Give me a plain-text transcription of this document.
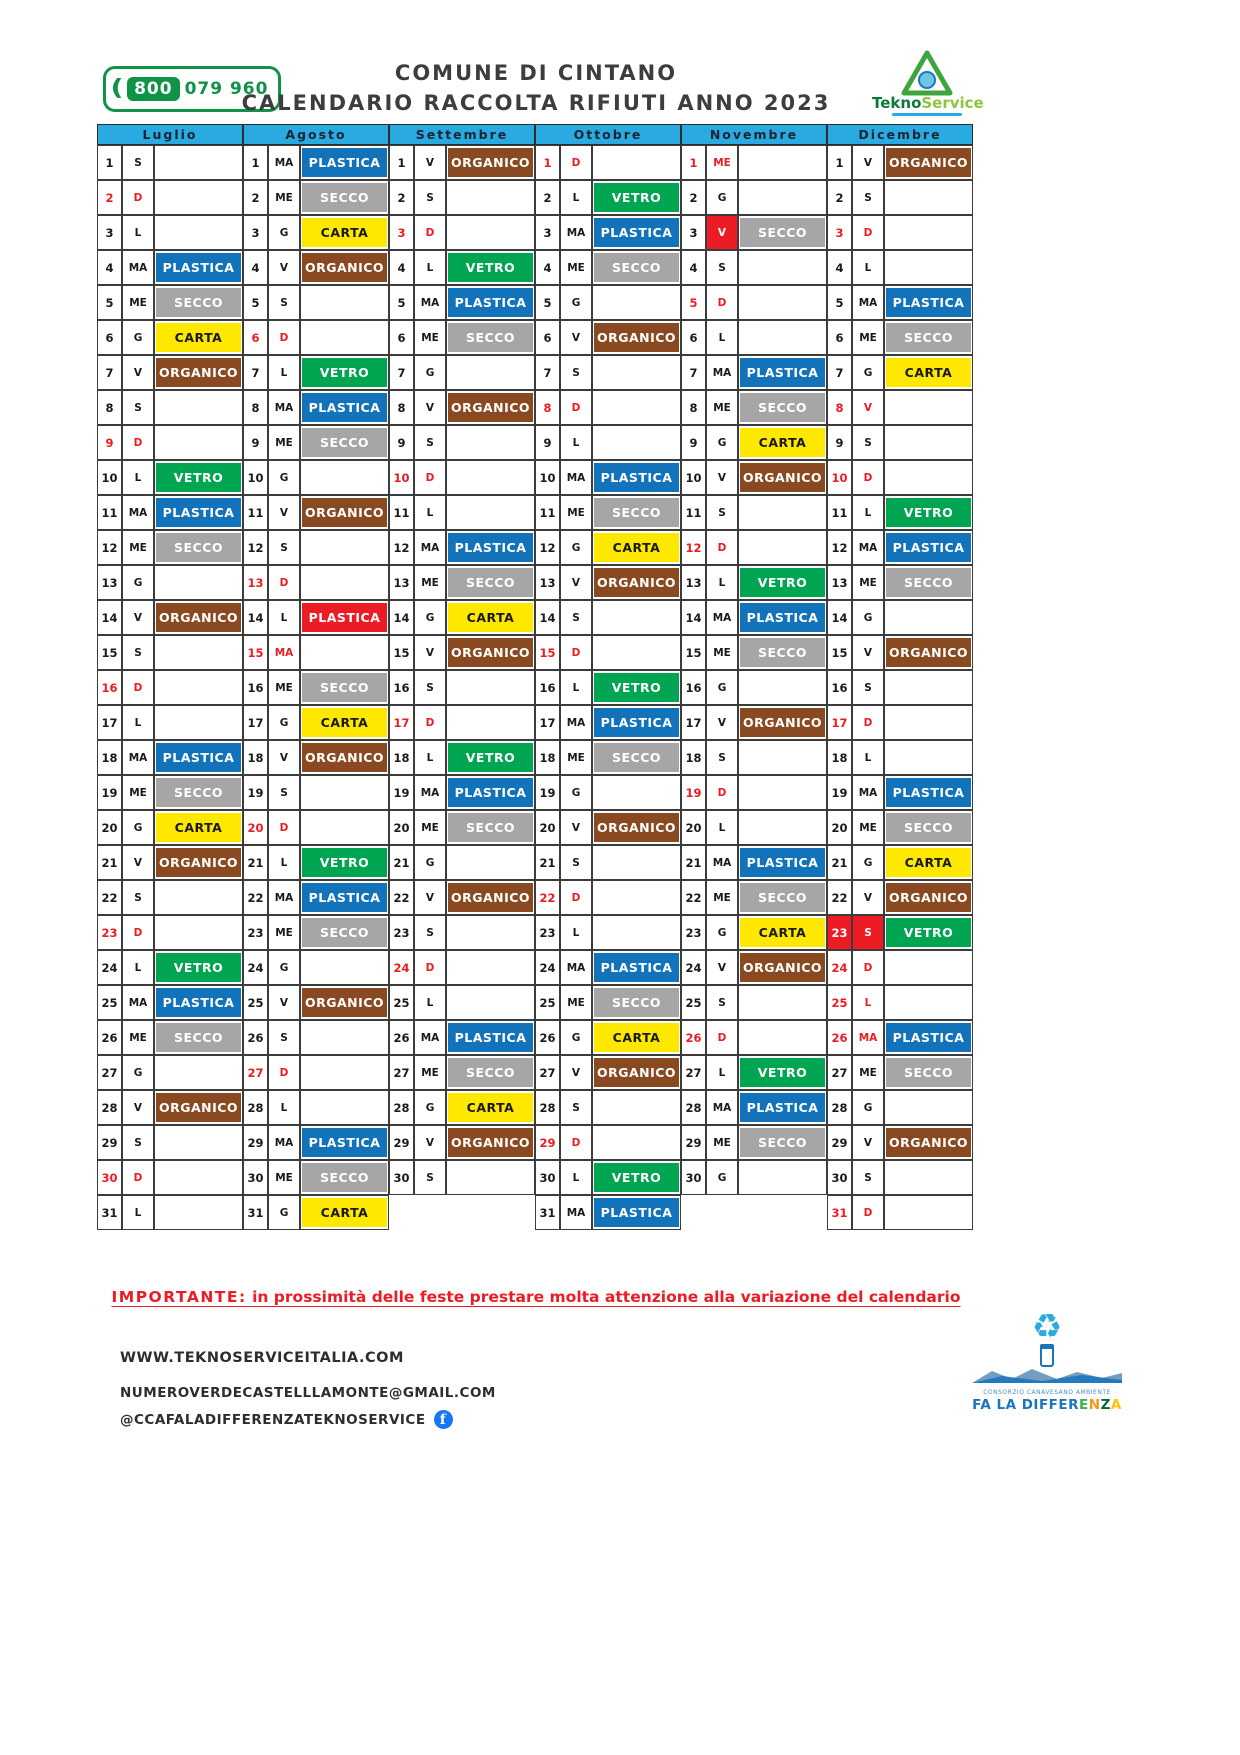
( 800 079 960
COMUNE DI CINTANO
CALENDARIO RACCOLTA RIFIUTI ANNO 2023	TeknoService
Luglio
1	S
2	D
3	L
4	MA	PLASTICA
5	ME	SECCO
6	G	CARTA
7	V	ORGANICO
8	S
9	D
10	L	VETRO
11	MA	PLASTICA
12	ME	SECCO
13	G
14	V	ORGANICO
15	S
16	D
17	L
18	MA	PLASTICA
19	ME	SECCO
20	G	CARTA
21	V	ORGANICO
22	S
23	D
24	L	VETRO
25	MA	PLASTICA
26	ME	SECCO
27	G
28	V	ORGANICO
29	S
30	D
31	L
Agosto
1	MA	PLASTICA
2	ME	SECCO
3	G	CARTA
4	V	ORGANICO
5	S
6	D
7	L	VETRO
8	MA	PLASTICA
9	ME	SECCO
10	G
11	V	ORGANICO
12	S
13	D
14	L	PLASTICA
15	MA
16	ME	SECCO
17	G	CARTA
18	V	ORGANICO
19	S
20	D
21	L	VETRO
22	MA	PLASTICA
23	ME	SECCO
24	G
25	V	ORGANICO
26	S
27	D
28	L
29	MA	PLASTICA
30	ME	SECCO
31	G	CARTA
Settembre
1	V	ORGANICO
2	S
3	D
4	L	VETRO
5	MA	PLASTICA
6	ME	SECCO
7	G
8	V	ORGANICO
9	S
10	D
11	L
12	MA	PLASTICA
13	ME	SECCO
14	G	CARTA
15	V	ORGANICO
16	S
17	D
18	L	VETRO
19	MA	PLASTICA
20	ME	SECCO
21	G
22	V	ORGANICO
23	S
24	D
25	L
26	MA	PLASTICA
27	ME	SECCO
28	G	CARTA
29	V	ORGANICO
30	S
Ottobre
1	D
2	L	VETRO
3	MA	PLASTICA
4	ME	SECCO
5	G
6	V	ORGANICO
7	S
8	D
9	L
10	MA	PLASTICA
11	ME	SECCO
12	G	CARTA
13	V	ORGANICO
14	S
15	D
16	L	VETRO
17	MA	PLASTICA
18	ME	SECCO
19	G
20	V	ORGANICO
21	S
22	D
23	L
24	MA	PLASTICA
25	ME	SECCO
26	G	CARTA
27	V	ORGANICO
28	S
29	D
30	L	VETRO
31	MA	PLASTICA
Novembre
1	ME
2	G
3	V	SECCO
4	S
5	D
6	L
7	MA	PLASTICA
8	ME	SECCO
9	G	CARTA
10	V	ORGANICO
11	S
12	D
13	L	VETRO
14	MA	PLASTICA
15	ME	SECCO
16	G
17	V	ORGANICO
18	S
19	D
20	L
21	MA	PLASTICA
22	ME	SECCO
23	G	CARTA
24	V	ORGANICO
25	S
26	D
27	L	VETRO
28	MA	PLASTICA
29	ME	SECCO
30	G
Dicembre
1	V	ORGANICO
2	S
3	D
4	L
5	MA	PLASTICA
6	ME	SECCO
7	G	CARTA
8	V
9	S
10	D
11	L	VETRO
12	MA	PLASTICA
13	ME	SECCO
14	G
15	V	ORGANICO
16	S
17	D
18	L
19	MA	PLASTICA
20	ME	SECCO
21	G	CARTA
22	V	ORGANICO
23	S	VETRO
24	D
25	L
26	MA	PLASTICA
27	ME	SECCO
28	G
29	V	ORGANICO
30	S
31	D
IMPORTANTE: in prossimità delle feste prestare molta attenzione alla variazione del calendario
WWW.TEKNOSERVICEITALIA.COM
NUMEROVERDECASTELLLAMONTE@GMAIL.COM
@CCAFALADIFFERENZATEKNOSERVICE	f
♻
CONSORZIO CANAVESANO AMBIENTE
FA LA DIFFERENZA
